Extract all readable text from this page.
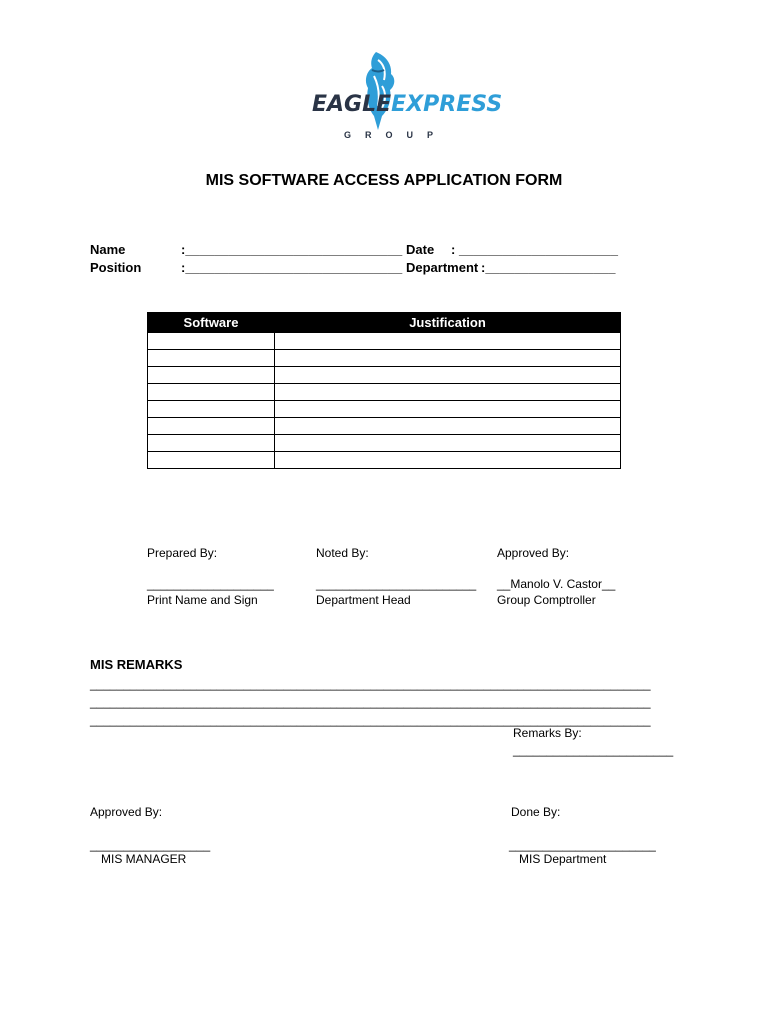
EAGLEEXPRESS
GROUP
MIS SOFTWARE ACCESS APPLICATION FORM
Name	:______________________________
Position	:______________________________
Date : ______________________
Department :__________________
Software	Justification

Prepared By:
___________________
Print Name and Sign
Noted By:
________________________
Department Head
Approved By:
__Manolo V. Castor__
Group Comptroller
MIS REMARKS
____________________________________________________________________________________
____________________________________________________________________________________
____________________________________________________________________________________
Remarks By:
________________________
Approved By:
__________________
MIS MANAGER
Done By:
______________________
MIS Department
